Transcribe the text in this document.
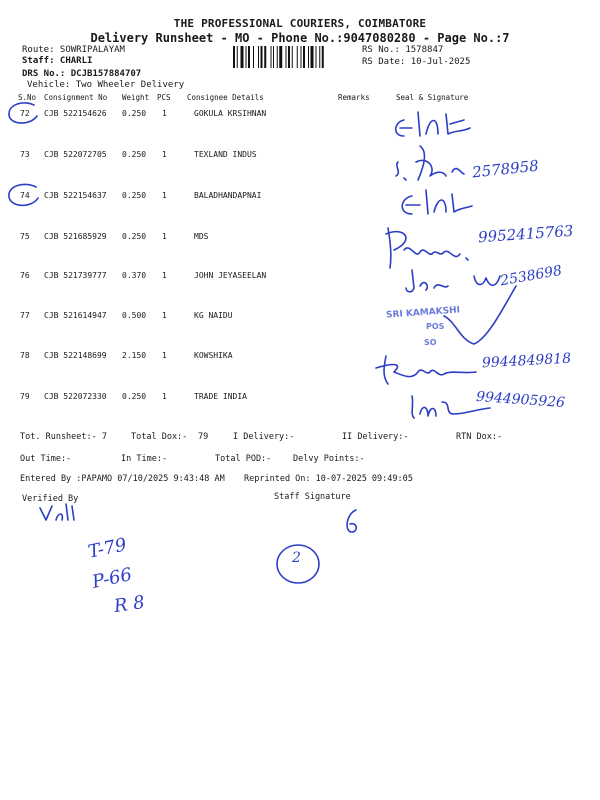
THE PROFESSIONAL COURIERS, COIMBATORE
Delivery Runsheet - MO - Phone No.:9047080280 - Page No.:7
Route: SOWRIPALAYAM
Staff: CHARLI
DRS No.: DCJB157884707
Vehicle: Two Wheeler Delivery
RS No.: 1578847
RS Date: 10-Jul-2025
S.No Consignment No Weight PCS Consignee Details	Remarks	Seal & Signature
72 CJB 522154626 0.250 1	GOKULA KRSIHNAN
73 CJB 522072705 0.250 1	TEXLAND INDUS
74 CJB 522154637 0.250 1	BALADHANDAPNAI
75 CJB 521685929 0.250 1	MDS
76 CJB 521739777 0.370 1	JOHN JEYASEELAN
77 CJB 521614947 0.500 1	KG NAIDU
78 CJB 522148699 2.150 1	KOWSHIKA
79 CJB 522072330 0.250 1	TRADE INDIA
Tot. Runsheet:- 7	Total Dox:- 79	I Delivery:-	II Delivery:-	RTN Dox:-
Out Time:-	In Time:-	Total POD:-	Delvy Points:-
Entered By :PAPAMO 07/10/2025 9:43:48 AM Reprinted On: 10-07-2025 09:49:05
Verified By	Staff Signature
2578958
9952415763
2538698
9944849818
9944905926
SRI KAMAKSHI
POS
SO
T-79
P-66
R 8
2
